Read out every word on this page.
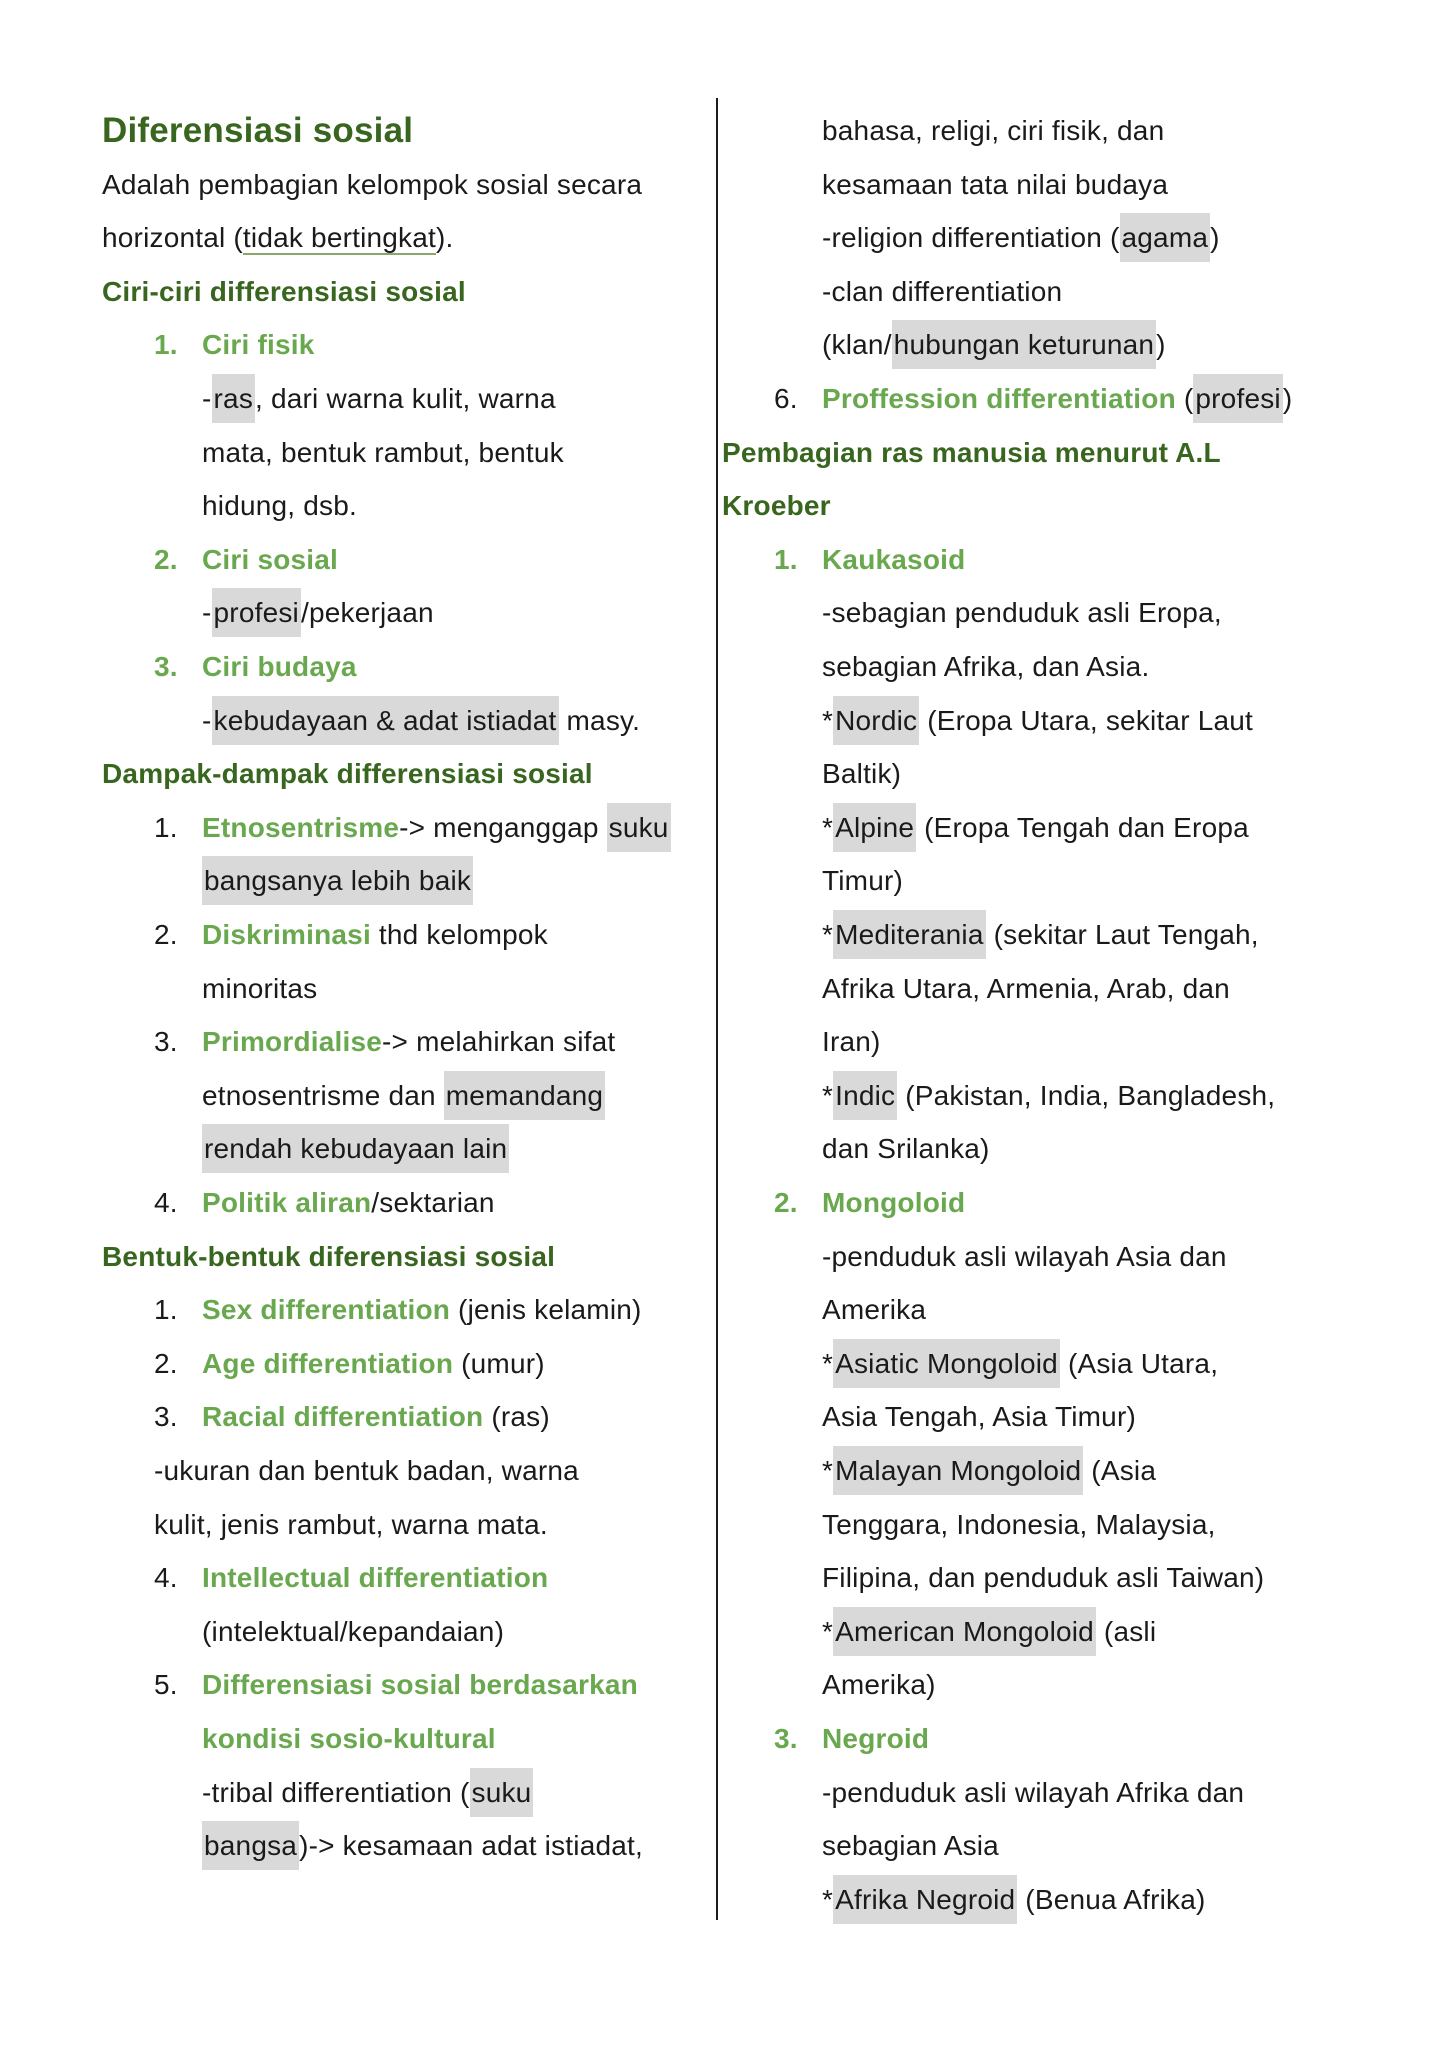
Diferensiasi sosial
Adalah pembagian kelompok sosial secara
horizontal (tidak bertingkat).
Ciri-ciri differensiasi sosial
1. Ciri fisik
-ras, dari warna kulit, warna
mata, bentuk rambut, bentuk
hidung, dsb.
2. Ciri sosial
-profesi/pekerjaan
3. Ciri budaya
-kebudayaan & adat istiadat masy.
Dampak-dampak differensiasi sosial
1. Etnosentrisme-> menganggap suku
bangsanya lebih baik
2. Diskriminasi thd kelompok
minoritas
3. Primordialise-> melahirkan sifat
etnosentrisme dan memandang
rendah kebudayaan lain
4. Politik aliran/sektarian
Bentuk-bentuk diferensiasi sosial
1. Sex differentiation (jenis kelamin)
2. Age differentiation (umur)
3. Racial differentiation (ras)
-ukuran dan bentuk badan, warna
kulit, jenis rambut, warna mata.
4. Intellectual differentiation
(intelektual/kepandaian)
5. Differensiasi sosial berdasarkan
kondisi sosio-kultural
-tribal differentiation (suku
bangsa)-> kesamaan adat istiadat,
bahasa, religi, ciri fisik, dan
kesamaan tata nilai budaya
-religion differentiation (agama)
-clan differentiation
(klan/hubungan keturunan)
6. Proffession differentiation (profesi)
Pembagian ras manusia menurut A.L
Kroeber
1. Kaukasoid
-sebagian penduduk asli Eropa,
sebagian Afrika, dan Asia.
*Nordic (Eropa Utara, sekitar Laut
Baltik)
*Alpine (Eropa Tengah dan Eropa
Timur)
*Mediterania (sekitar Laut Tengah,
Afrika Utara, Armenia, Arab, dan
Iran)
*Indic (Pakistan, India, Bangladesh,
dan Srilanka)
2. Mongoloid
-penduduk asli wilayah Asia dan
Amerika
*Asiatic Mongoloid (Asia Utara,
Asia Tengah, Asia Timur)
*Malayan Mongoloid (Asia
Tenggara, Indonesia, Malaysia,
Filipina, dan penduduk asli Taiwan)
*American Mongoloid (asli
Amerika)
3. Negroid
-penduduk asli wilayah Afrika dan
sebagian Asia
*Afrika Negroid (Benua Afrika)
